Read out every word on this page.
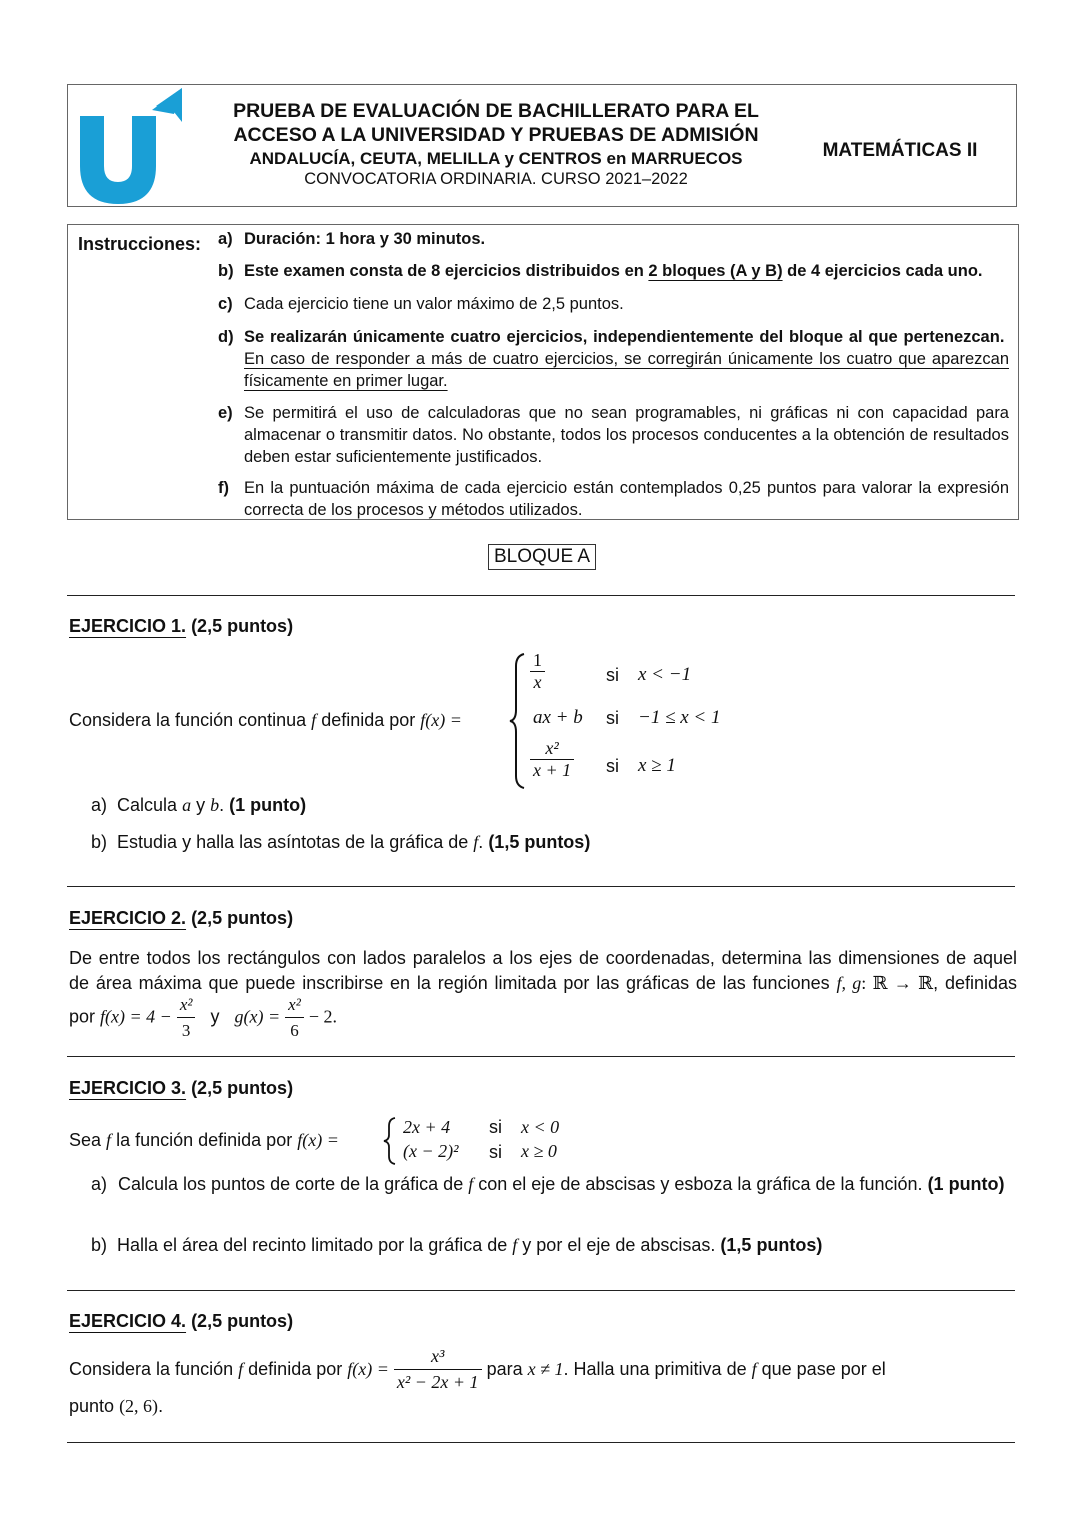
PRUEBA DE EVALUACIÓN DE BACHILLERATO PARA EL
ACCESO A LA UNIVERSIDAD Y PRUEBAS DE ADMISIÓN
ANDALUCÍA, CEUTA, MELILLA y CENTROS en MARRUECOS
CONVOCATORIA ORDINARIA. CURSO 2021–2022
MATEMÁTICAS II
Instrucciones: a) Duración: 1 hora y 30 minutos.
b) Este examen consta de 8 ejercicios distribuidos en 2 bloques (A y B) de 4 ejercicios cada uno.
c) Cada ejercicio tiene un valor máximo de 2,5 puntos.
d) Se realizarán únicamente cuatro ejercicios, independientemente del bloque al que pertenezcan.  En caso de responder a más de cuatro ejercicios, se corregirán únicamente los cuatro que aparezcan físicamente en primer lugar.
e) Se permitirá el uso de calculadoras que no sean programables, ni gráficas ni con capacidad para almacenar o transmitir datos. No obstante, todos los procesos conducentes a la obtención de resultados deben estar suficientemente justificados.
f) En la puntuación máxima de cada ejercicio están contemplados 0,25 puntos para valorar la expresión correcta de los procesos y métodos utilizados.
BLOQUE A
EJERCICIO 1. (2,5 puntos)
Considera la función continua f definida por f(x) =
$\frac{1}{x}$	si x < −1
ax + b si −1 ≤ x < 1
$\frac{\text{x²}}{x + 1}$ si x ≥ 1
a) Calcula a y b. (1 punto)
b) Estudia y halla las asíntotas de la gráfica de f. (1,5 puntos)
EJERCICIO 2. (2,5 puntos)
De entre todos los rectángulos con lados paralelos a los ejes de coordenadas, determina las dimensiones de aquel
de área máxima que puede inscribirse en la región limitada por las gráficas de las funciones f, g: ℝ → ℝ, definidas
por $f(x) = 4 - \frac{\text{x²}}{3}$ y $g(x) = \frac{\text{x²}}{6} - 2$.
EJERCICIO 3. (2,5 puntos)
Sea f la función definida por f(x) =
2x + 4 si x < 0
(x − 2)² si x ≥ 0
a) Calcula los puntos de corte de la gráfica de f con el eje de abscisas y esboza la gráfica de la función. (1 punto)
b) Halla el área del recinto limitado por la gráfica de f y por el eje de abscisas. (1,5 puntos)
EJERCICIO 4. (2,5 puntos)
Considera la función f definida por $f(x) = \frac{\text{x³}}{\text{x² − 2x + 1}}$ para x ≠ 1. Halla una primitiva de f que pase por el
punto (2, 6).
